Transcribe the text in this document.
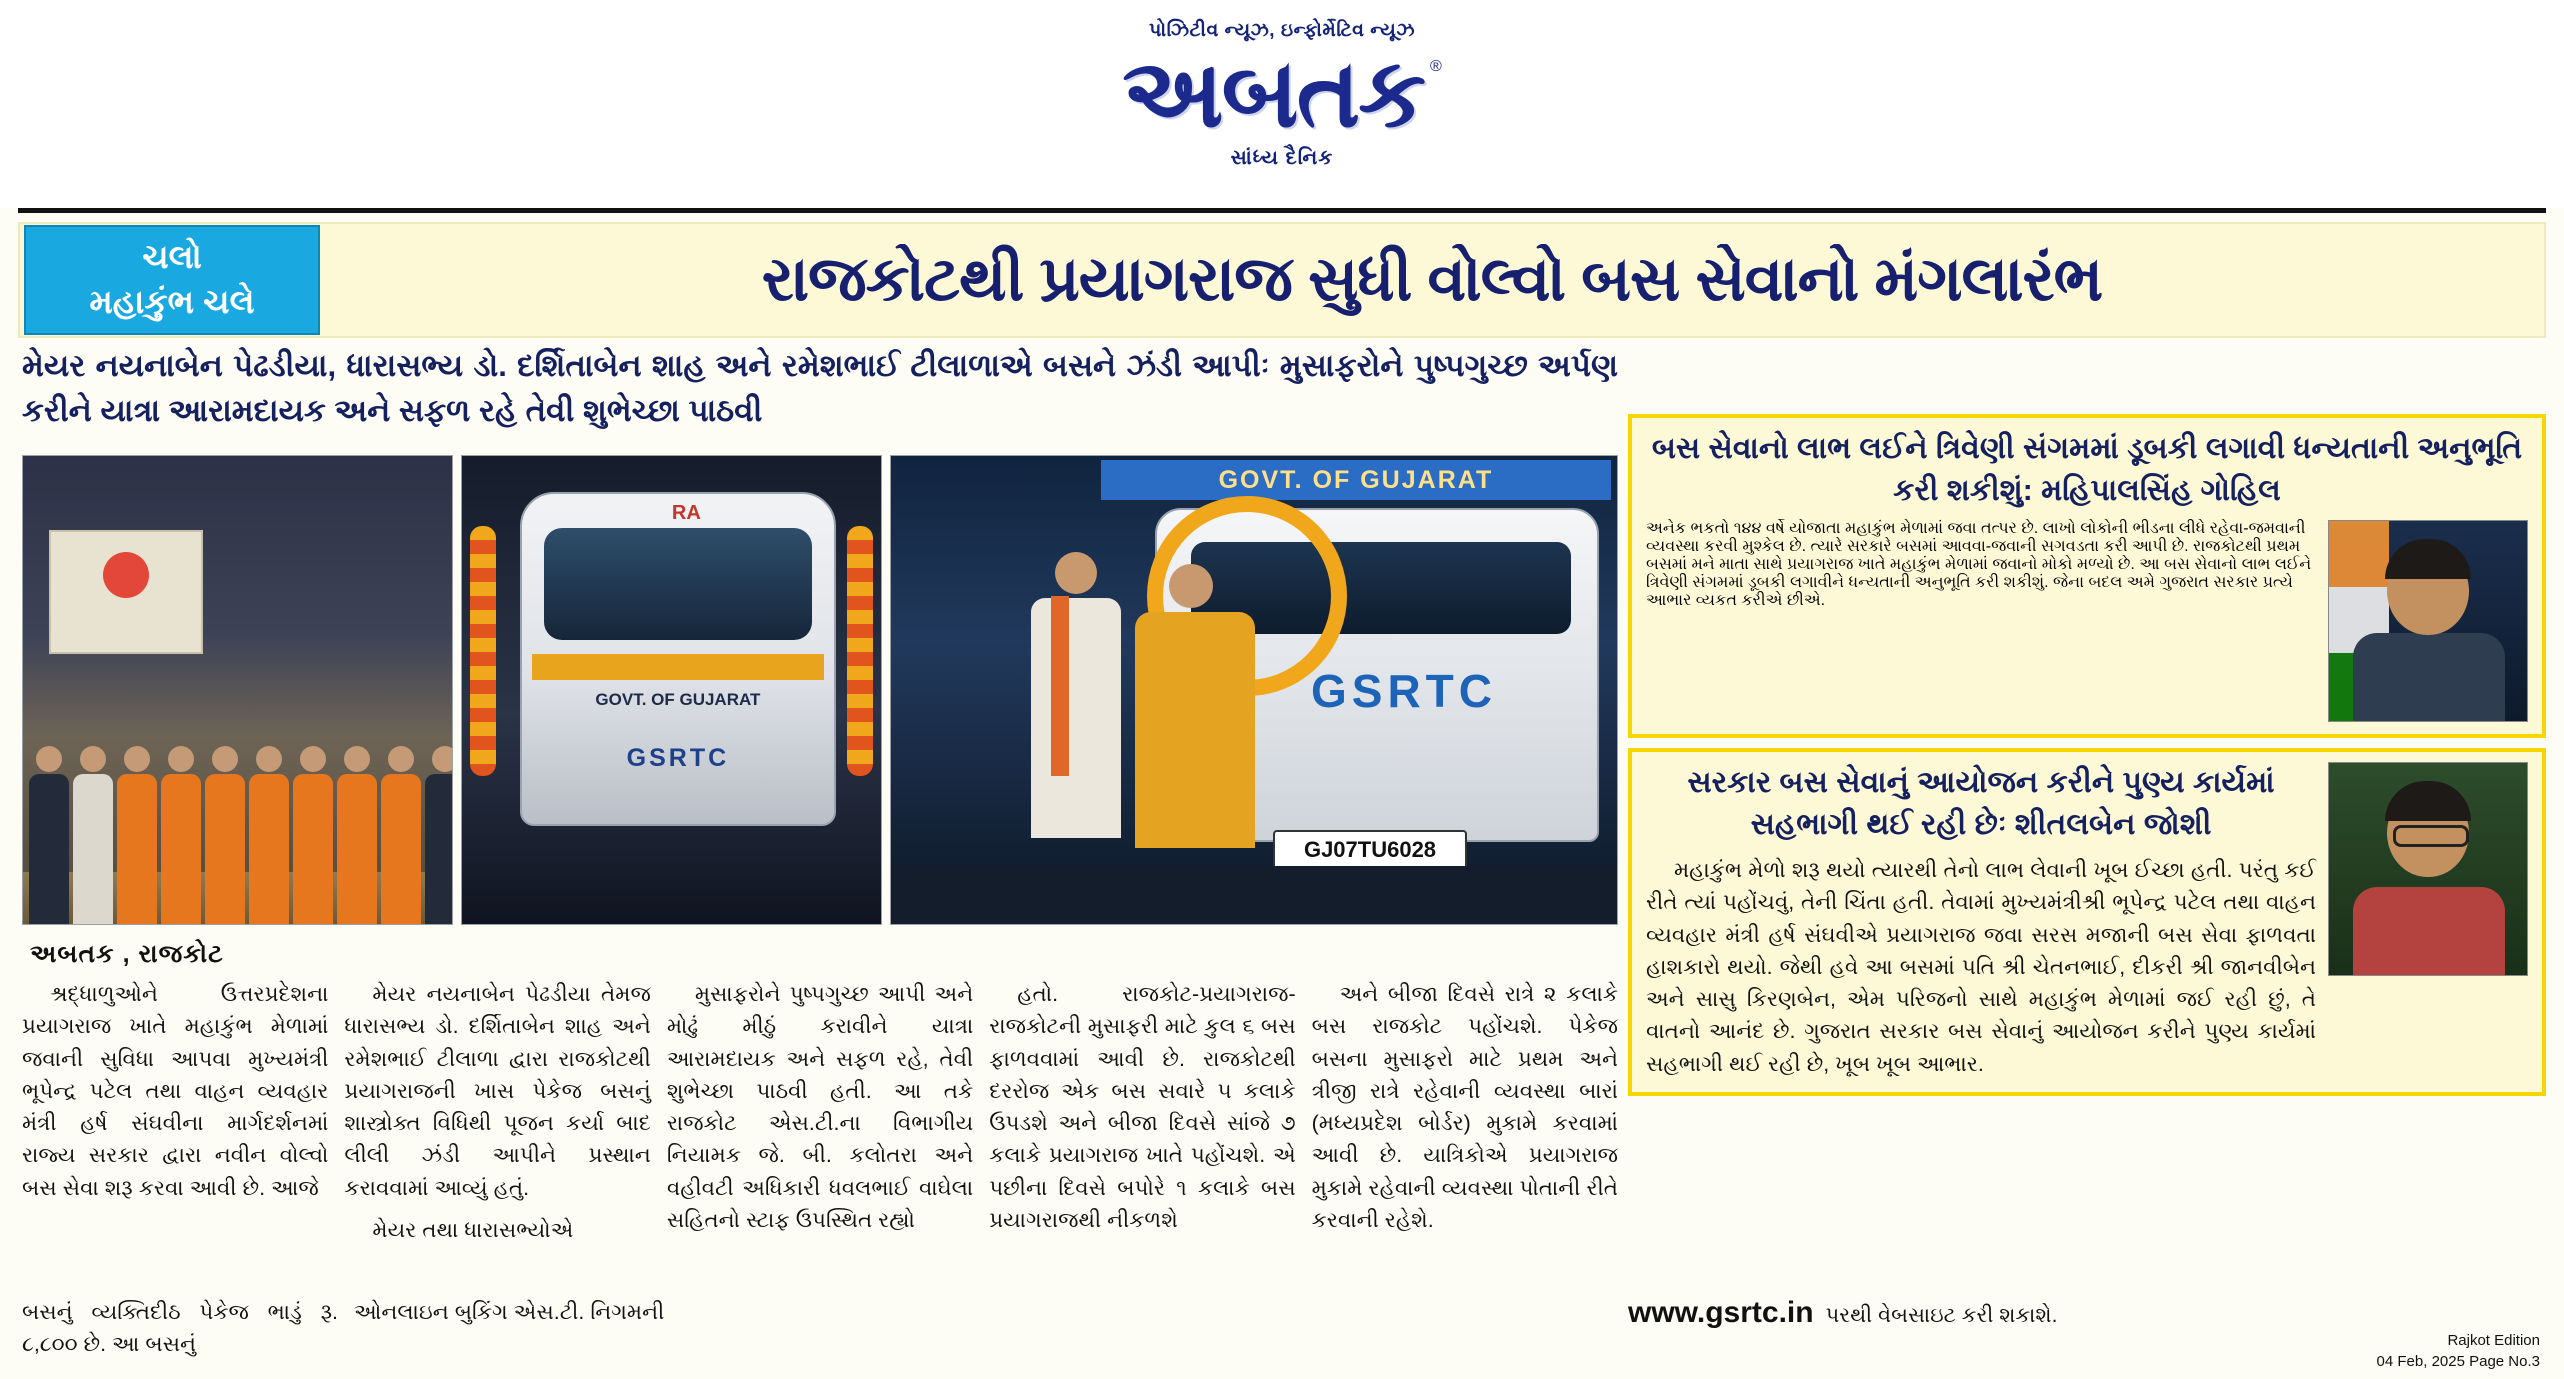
પોઝિટીવ ન્યૂઝ, ઇન્ફોર્મેટિવ ન્યૂઝ
અબતક ®
સાંધ્ય દૈનિક
ચલો
મહાકુંભ ચલે	રાજકોટથી પ્રયાગરાજ સુધી વોલ્વો બસ સેવાનો મંગલારંભ
મેયર નયનાબેન પેઢડીયા, ધારાસભ્ય ડો. દર્શિતાબેન શાહ અને રમેશભાઈ ટીલાળાએ બસને ઝંડી આપીઃ મુસાફરોને પુષ્પગુચ્છ અર્પણ કરીને યાત્રા આરામદાયક અને સફળ રહે તેવી શુભેચ્છા પાઠવી
RA
GOVT. OF GUJARAT
GSRTC
GOVT. OF GUJARAT
GSRTC
GJ07TU6028
અબતક , રાજકોટ

શ્રદ્ધાળુઓને ઉત્તરપ્રદેશના પ્રયાગરાજ ખાતે મહાકુંભ મેળામાં જવાની સુવિધા આપવા મુખ્યમંત્રી ભૂપેન્દ્ર પટેલ તથા વાહન વ્યવહાર મંત્રી હર્ષ સંઘવીના માર્ગદર્શનમાં રાજ્ય સરકાર દ્વારા નવીન વોલ્વો બસ સેવા શરૂ કરવા આવી છે. આજે

મેયર નયનાબેન પેઢડીયા તેમજ ધારાસભ્ય ડો. દર્શિતાબેન શાહ અને રમેશભાઈ ટીલાળા દ્વારા રાજકોટથી પ્રયાગરાજની ખાસ પેકેજ બસનું શાસ્ત્રોક્ત વિધિથી પૂજન કર્યા બાદ લીલી ઝંડી આપીને પ્રસ્થાન કરાવવામાં આવ્યું હતું.

મેયર તથા ધારાસભ્યોએ

મુસાફરોને પુષ્પગુચ્છ આપી અને મોઢું મીઠું કરાવીને યાત્રા આરામદાયક અને સફળ રહે, તેવી શુભેચ્છા પાઠવી હતી. આ તકે રાજકોટ એસ.ટી.ના વિભાગીય નિયામક જે. બી. કલોતરા અને વહીવટી અધિકારી ધવલભાઈ વાઘેલા સહિતનો સ્ટાફ ઉપસ્થિત રહ્યો

હતો. રાજકોટ-પ્રયાગરાજ-રાજકોટની મુસાફરી માટે કુલ ૬ બસ ફાળવવામાં આવી છે. રાજકોટથી દરરોજ એક બસ સવારે ૫ કલાકે ઉપડશે અને બીજા દિવસે સાંજે ૭ કલાકે પ્રયાગરાજ ખાતે પહોંચશે. એ પછીના દિવસે બપોરે ૧ કલાકે બસ પ્રયાગરાજથી નીકળશે

અને બીજા દિવસે રાત્રે ૨ કલાકે બસ રાજકોટ પહોંચશે. પેકેજ બસના મુસાફરો માટે પ્રથમ અને ત્રીજી રાત્રે રહેવાની વ્યવસ્થા બારાં (મધ્યપ્રદેશ બોર્ડર) મુકામે કરવામાં આવી છે. યાત્રિકોએ પ્રયાગરાજ મુકામે રહેવાની વ્યવસ્થા પોતાની રીતે કરવાની રહેશે.

બસનું વ્યક્તિદીઠ પેકેજ ભાડું રૂ. ૮,૮૦૦ છે. આ બસનું
ઓનલાઇન બુકિંગ એસ.ટી. નિગમની
બસ સેવાનો લાભ લઈને ત્રિવેણી સંગમમાં ડૂબકી લગાવી ધન્યતાની અનુભૂતિ કરી શકીશું: મહિપાલસિંહ ગોહિલ
અનેક ભકતો ૧૪૪ વર્ષે યોજાતા મહાકુંભ મેળામાં જવા તત્પર છે. લાખો લોકોની ભીડના લીધે રહેવા-જમવાની વ્યવસ્થા કરવી મુશ્કેલ છે. ત્યારે સરકારે બસમાં આવવા-જવાની સગવડતા કરી આપી છે. રાજકોટથી પ્રથમ બસમાં મને માતા સાથે પ્રયાગરાજ ખાતે મહાકુંભ મેળામાં જવાનો મોકો મળ્યો છે. આ બસ સેવાનો લાભ લઈને ત્રિવેણી સંગમમાં ડૂબકી લગાવીને ધન્યતાની અનુભૂતિ કરી શકીશું. જેના બદલ અમે ગુજરાત સરકાર પ્રત્યે આભાર વ્યકત કરીએ છીએ.
સરકાર બસ સેવાનું આયોજન કરીને પુણ્ય કાર્યમાં સહભાગી થઈ રહી છેઃ શીતલબેન જોશી
મહાકુંભ મેળો શરૂ થયો ત્યારથી તેનો લાભ લેવાની ખૂબ ઈચ્છા હતી. પરંતુ કઈ રીતે ત્યાં પહોંચવું, તેની ચિંતા હતી. તેવામાં મુખ્યમંત્રીશ્રી ભૂપેન્દ્ર પટેલ તથા વાહન વ્યવહાર મંત્રી હર્ષ સંઘવીએ પ્રયાગરાજ જવા સરસ મજાની બસ સેવા ફાળવતા હાશકારો થયો. જેથી હવે આ બસમાં પતિ શ્રી ચેતનભાઈ, દીકરી શ્રી જાનવીબેન અને સાસુ કિરણબેન, એમ પરિજનો સાથે મહાકુંભ મેળામાં જઈ રહી છું, તે વાતનો આનંદ છે. ગુજરાત સરકાર બસ સેવાનું આયોજન કરીને પુણ્ય કાર્યમાં સહભાગી થઈ રહી છે, ખૂબ ખૂબ આભાર.
www.gsrtc.in પરથી વેબસાઇટ કરી શકાશે.
Rajkot Edition
04 Feb, 2025 Page No.3
